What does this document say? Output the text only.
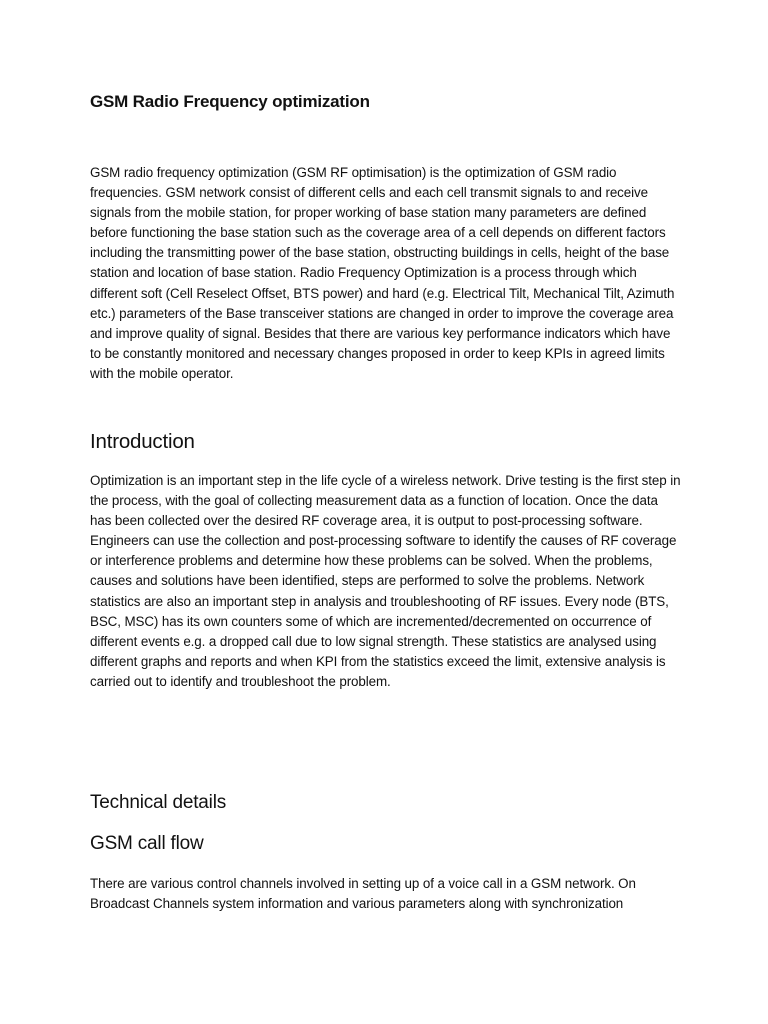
GSM Radio Frequency optimization

GSM radio frequency optimization (GSM RF optimisation) is the optimization of GSM radio frequencies. GSM network consist of different cells and each cell transmit signals to and receive signals from the mobile station, for proper working of base station many parameters are defined before functioning the base station such as the coverage area of a cell depends on different factors including the transmitting power of the base station, obstructing buildings in cells, height of the base station and location of base station. Radio Frequency Optimization is a process through which different soft (Cell Reselect Offset, BTS power) and hard (e.g. Electrical Tilt, Mechanical Tilt, Azimuth etc.) parameters of the Base transceiver stations are changed in order to improve the coverage area and improve quality of signal. Besides that there are various key performance indicators which have to be constantly monitored and necessary changes proposed in order to keep KPIs in agreed limits with the mobile operator.

Introduction

Optimization is an important step in the life cycle of a wireless network. Drive testing is the first step in the process, with the goal of collecting measurement data as a function of location. Once the data has been collected over the desired RF coverage area, it is output to post-processing software. Engineers can use the collection and post-processing software to identify the causes of RF coverage or interference problems and determine how these problems can be solved. When the problems, causes and solutions have been identified, steps are performed to solve the problems. Network statistics are also an important step in analysis and troubleshooting of RF issues. Every node (BTS, BSC, MSC) has its own counters some of which are incremented/decremented on occurrence of different events e.g. a dropped call due to low signal strength. These statistics are analysed using different graphs and reports and when KPI from the statistics exceed the limit, extensive analysis is carried out to identify and troubleshoot the problem.

Technical details
GSM call flow

There are various control channels involved in setting up of a voice call in a GSM network. On Broadcast Channels system information and various parameters along with synchronization
